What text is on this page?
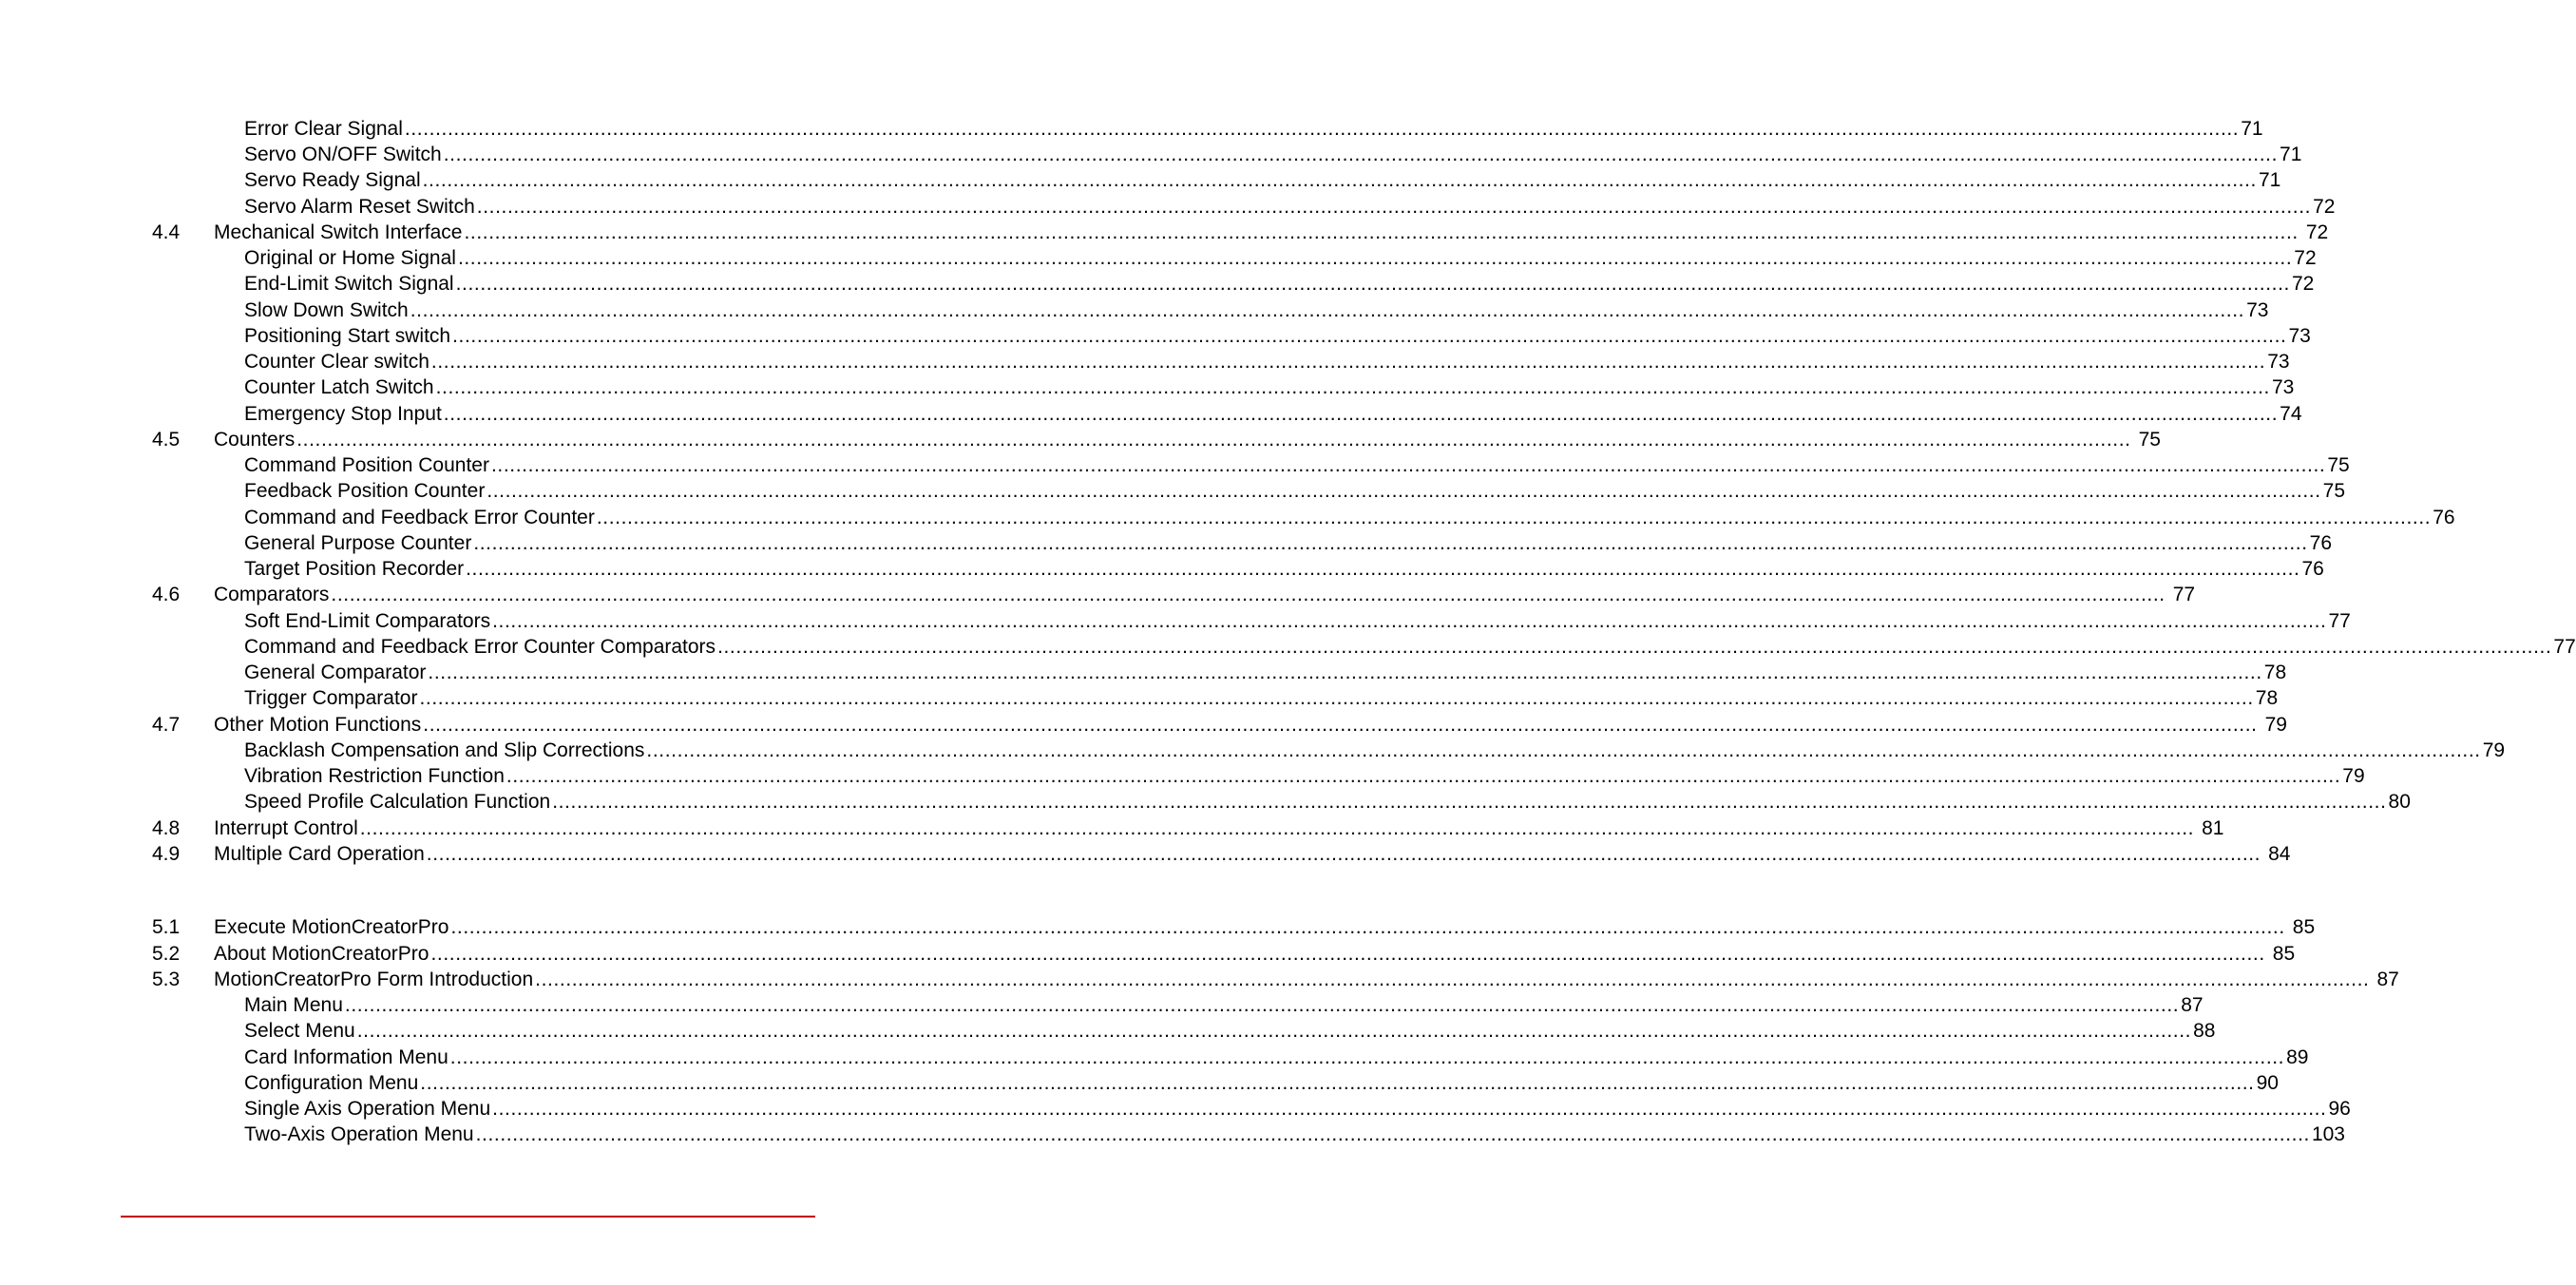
Error Clear Signal ............................................................................................................................................................................................................................................................................................................ 71
Servo ON/OFF Switch ............................................................................................................................................................................................................................................................................................................ 71
Servo Ready Signal ............................................................................................................................................................................................................................................................................................................ 71
Servo Alarm Reset Switch ............................................................................................................................................................................................................................................................................................................ 72
4.4 Mechanical Switch Interface ............................................................................................................................................................................................................................................................................................................ 72
Original or Home Signal ............................................................................................................................................................................................................................................................................................................ 72
End-Limit Switch Signal ............................................................................................................................................................................................................................................................................................................ 72
Slow Down Switch ............................................................................................................................................................................................................................................................................................................ 73
Positioning Start switch ............................................................................................................................................................................................................................................................................................................ 73
Counter Clear switch ............................................................................................................................................................................................................................................................................................................ 73
Counter Latch Switch ............................................................................................................................................................................................................................................................................................................ 73
Emergency Stop Input ............................................................................................................................................................................................................................................................................................................ 74
4.5 Counters ............................................................................................................................................................................................................................................................................................................ 75
Command Position Counter ............................................................................................................................................................................................................................................................................................................ 75
Feedback Position Counter ............................................................................................................................................................................................................................................................................................................ 75
Command and Feedback Error Counter ............................................................................................................................................................................................................................................................................................................ 76
General Purpose Counter ............................................................................................................................................................................................................................................................................................................ 76
Target Position Recorder ............................................................................................................................................................................................................................................................................................................ 76
4.6 Comparators ............................................................................................................................................................................................................................................................................................................ 77
Soft End-Limit Comparators ............................................................................................................................................................................................................................................................................................................ 77
Command and Feedback Error Counter Comparators ............................................................................................................................................................................................................................................................................................................ 77
General Comparator ............................................................................................................................................................................................................................................................................................................ 78
Trigger Comparator ............................................................................................................................................................................................................................................................................................................ 78
4.7 Other Motion Functions ............................................................................................................................................................................................................................................................................................................ 79
Backlash Compensation and Slip Corrections ............................................................................................................................................................................................................................................................................................................ 79
Vibration Restriction Function ............................................................................................................................................................................................................................................................................................................ 79
Speed Profile Calculation Function ............................................................................................................................................................................................................................................................................................................ 80
4.8 Interrupt Control ............................................................................................................................................................................................................................................................................................................ 81
4.9 Multiple Card Operation ............................................................................................................................................................................................................................................................................................................ 84
5.1 Execute MotionCreatorPro ............................................................................................................................................................................................................................................................................................................ 85
5.2 About MotionCreatorPro ............................................................................................................................................................................................................................................................................................................ 85
5.3 MotionCreatorPro Form Introduction ............................................................................................................................................................................................................................................................................................................ 87
Main Menu ............................................................................................................................................................................................................................................................................................................ 87
Select Menu ............................................................................................................................................................................................................................................................................................................ 88
Card Information Menu ............................................................................................................................................................................................................................................................................................................ 89
Configuration Menu ............................................................................................................................................................................................................................................................................................................ 90
Single Axis Operation Menu ............................................................................................................................................................................................................................................................................................................ 96
Two-Axis Operation Menu ............................................................................................................................................................................................................................................................................................................ 103
